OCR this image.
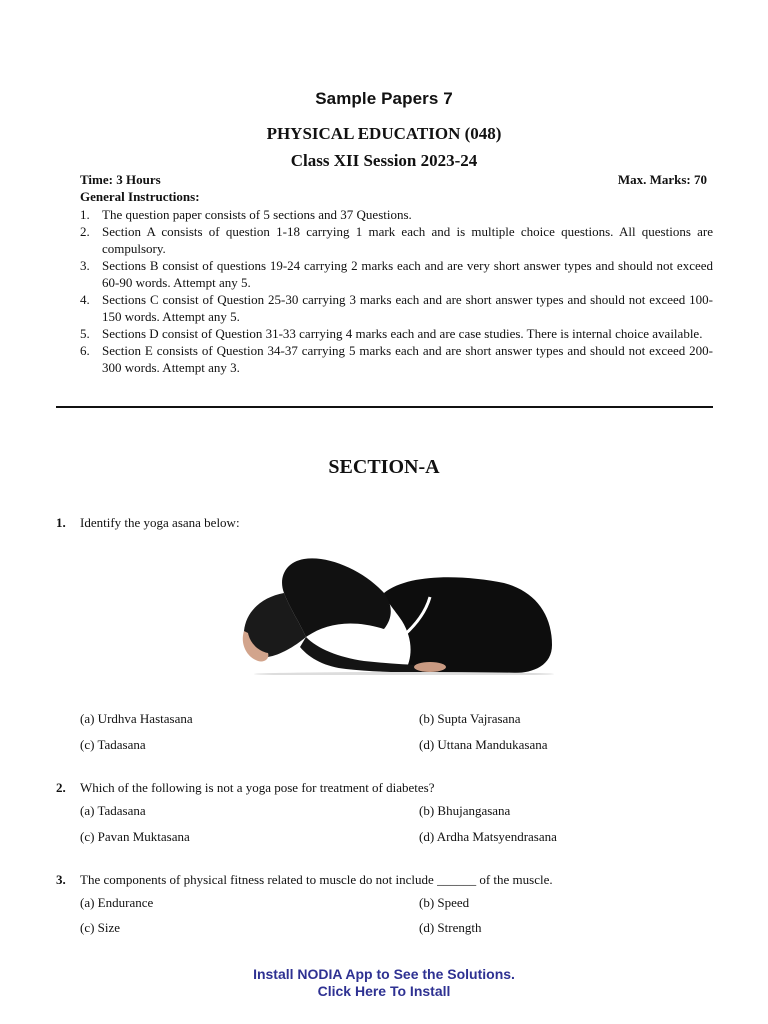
Sample Papers 7
PHYSICAL EDUCATION (048)
Class XII Session 2023-24
Time: 3 Hours	Max. Marks: 70
General Instructions:
1. The question paper consists of 5 sections and 37 Questions.
2. Section A consists of question 1-18 carrying 1 mark each and is multiple choice questions. All questions are compulsory.
3. Sections B consist of questions 19-24 carrying 2 marks each and are very short answer types and should not exceed 60-90 words. Attempt any 5.
4. Sections C consist of Question 25-30 carrying 3 marks each and are short answer types and should not exceed 100-150 words. Attempt any 5.
5. Sections D consist of Question 31-33 carrying 4 marks each and are case studies. There is internal choice available.
6. Section E consists of Question 34-37 carrying 5 marks each and are short answer types and should not exceed 200-300 words. Attempt any 3.
SECTION-A
1. Identify the yoga asana below:
(a) Urdhva Hastasana	(b) Supta Vajrasana
(c) Tadasana	(d) Uttana Mandukasana
2. Which of the following is not a yoga pose for treatment of diabetes?
(a) Tadasana	(b) Bhujangasana
(c) Pavan Muktasana	(d) Ardha Matsyendrasana
3. The components of physical fitness related to muscle do not include ______ of the muscle.
(a) Endurance	(b) Speed
(c) Size	(d) Strength
Install NODIA App to See the Solutions.
Click Here To Install
